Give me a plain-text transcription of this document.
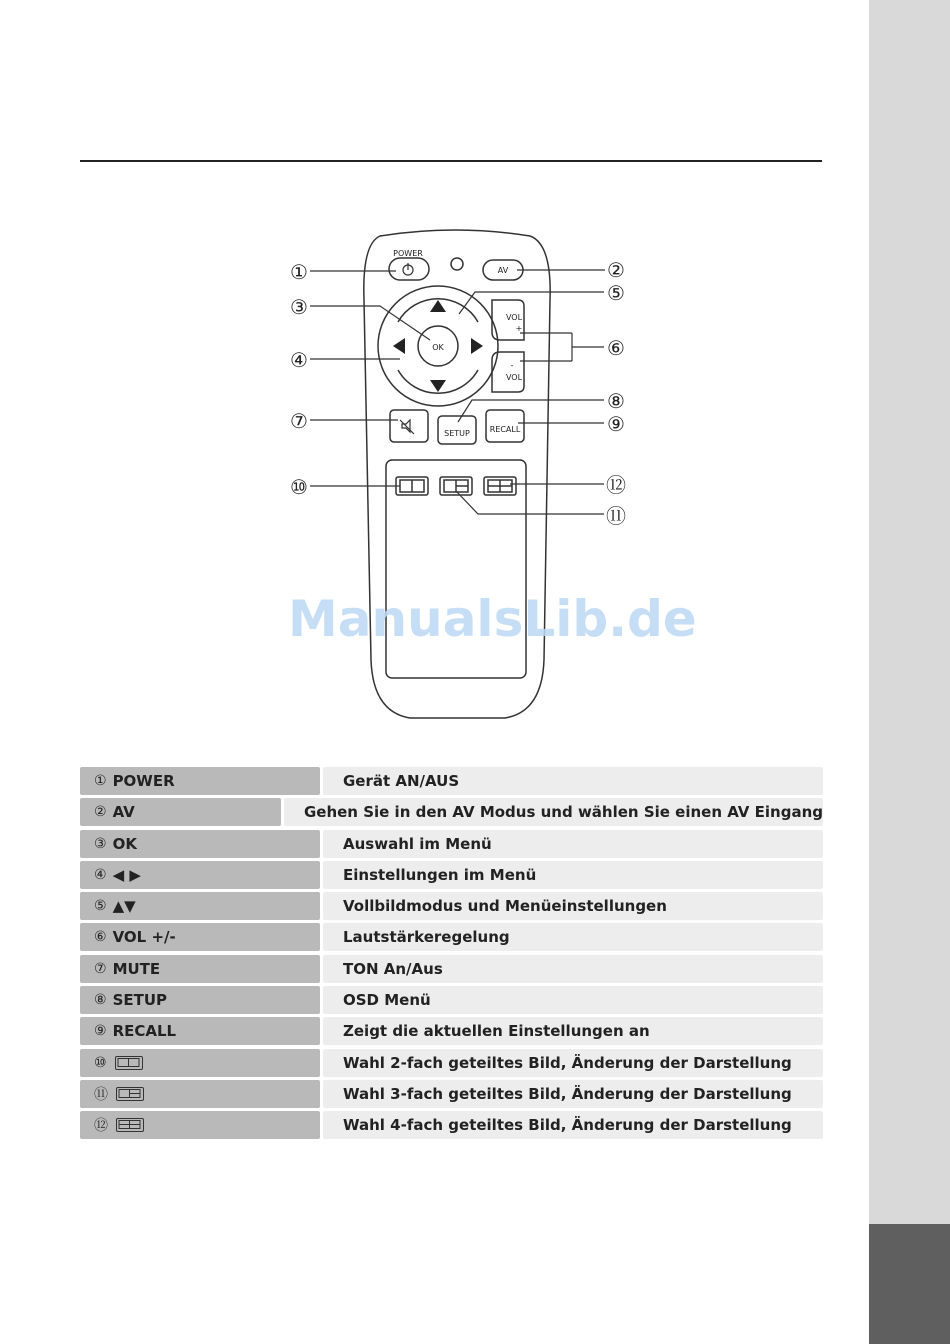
POWER
AV
OK
VOL
+
-
VOL
SETUP RECALL
①	②
③
④
⑤
⑥
⑦
⑧
⑨
⑩	⑫
⑪
ManualsLib.de
① POWER	Gerät AN/AUS
② AV	Gehen Sie in den AV Modus und wählen Sie einen AV Eingang
③ OK	Auswahl im Menü
④ ◀ ▶	Einstellungen im Menü
⑤ ▲▼	Vollbildmodus und Menüeinstellungen
⑥ VOL +/-	Lautstärkeregelung
⑦ MUTE	TON An/Aus
⑧ SETUP	OSD Menü
⑨ RECALL	Zeigt die aktuellen Einstellungen an
⑩	Wahl 2-fach geteiltes Bild, Änderung der Darstellung
⑪	Wahl 3-fach geteiltes Bild, Änderung der Darstellung
⑫	Wahl 4-fach geteiltes Bild, Änderung der Darstellung
